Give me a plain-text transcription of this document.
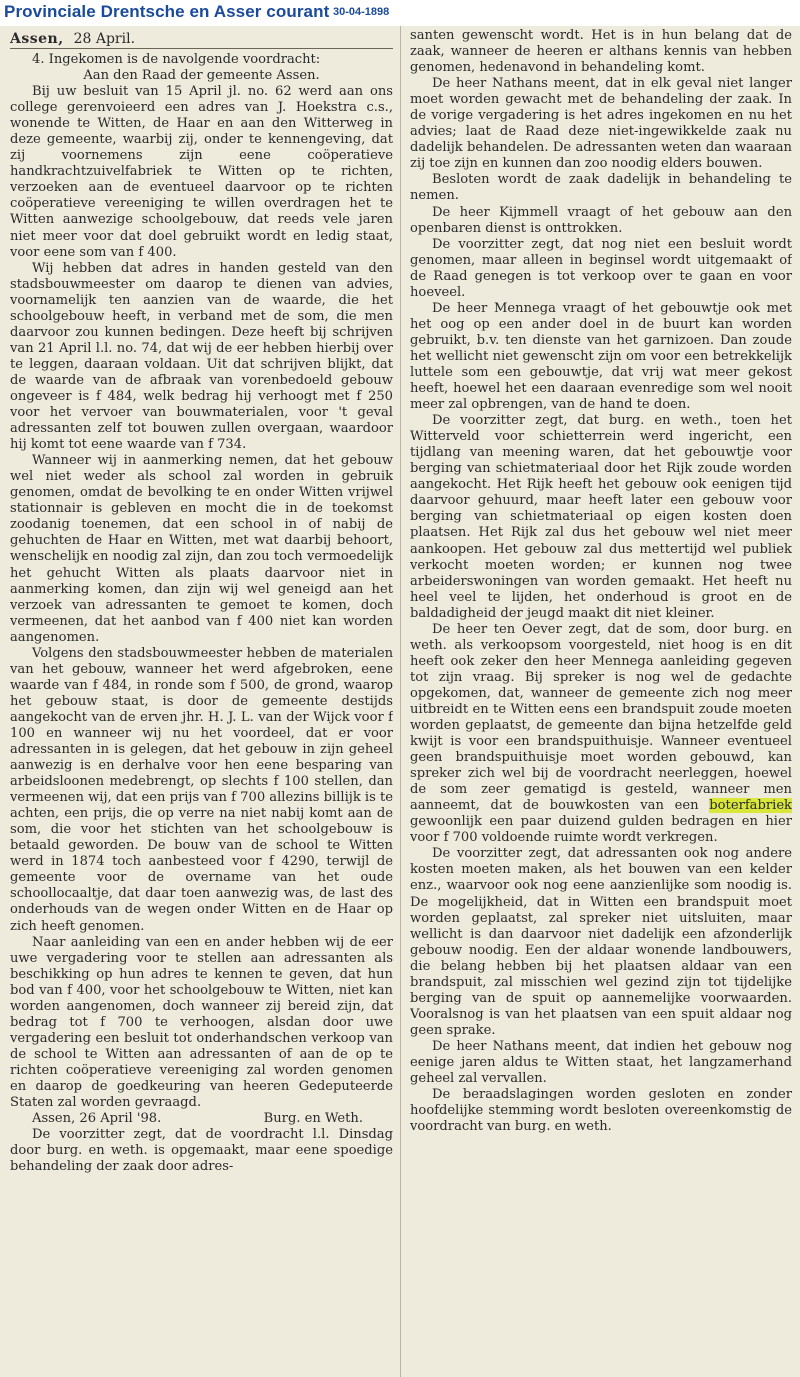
Provinciale Drentsche en Asser courant 30-04-1898
Assen, 28 April.

4. Ingekomen is de navolgende voordracht:

Aan den Raad der gemeente Assen.

Bij uw besluit van 15 April jl. no. 62 werd aan ons college gerenvoieerd een adres van J. Hoekstra c.s., wonende te Witten, de Haar en aan den Witterweg in deze gemeente, waarbij zij, onder te kennengeving, dat zij voornemens zijn eene coöperatieve handkrachtzuivelfabriek te Witten op te richten, verzoeken aan de eventueel daarvoor op te richten coöperatieve vereeniging te willen overdragen het te Witten aanwezige schoolgebouw, dat reeds vele jaren niet meer voor dat doel gebruikt wordt en ledig staat, voor eene som van f 400.

Wij hebben dat adres in handen gesteld van den stadsbouwmeester om daarop te dienen van advies, voornamelijk ten aanzien van de waarde, die het schoolgebouw heeft, in verband met de som, die men daarvoor zou kunnen bedingen. Deze heeft bij schrijven van 21 April l.l. no. 74, dat wij de eer hebben hierbij over te leggen, daaraan voldaan. Uit dat schrijven blijkt, dat de waarde van de afbraak van vorenbedoeld gebouw ongeveer is f 484, welk bedrag hij verhoogt met f 250 voor het vervoer van bouwmaterialen, voor 't geval adressanten zelf tot bouwen zullen overgaan, waardoor hij komt tot eene waarde van f 734.

Wanneer wij in aanmerking nemen, dat het gebouw wel niet weder als school zal worden in gebruik genomen, omdat de bevolking te en onder Witten vrijwel stationnair is gebleven en mocht die in de toekomst zoodanig toenemen, dat een school in of nabij de gehuchten de Haar en Witten, met wat daarbij behoort, wenschelijk en noodig zal zijn, dan zou toch vermoedelijk het gehucht Witten als plaats daarvoor niet in aanmerking komen, dan zijn wij wel geneigd aan het verzoek van adressanten te gemoet te komen, doch vermeenen, dat het aanbod van f 400 niet kan worden aangenomen.

Volgens den stadsbouwmeester hebben de materialen van het gebouw, wanneer het werd afgebroken, eene waarde van f 484, in ronde som f 500, de grond, waarop het gebouw staat, is door de gemeente destijds aangekocht van de erven jhr. H. J. L. van der Wijck voor f 100 en wanneer wij nu het voordeel, dat er voor adressanten in is gelegen, dat het gebouw in zijn geheel aanwezig is en derhalve voor hen eene besparing van arbeidsloonen medebrengt, op slechts f 100 stellen, dan vermeenen wij, dat een prijs van f 700 allezins billijk is te achten, een prijs, die op verre na niet nabij komt aan de som, die voor het stichten van het schoolgebouw is betaald geworden. De bouw van de school te Witten werd in 1874 toch aanbesteed voor f 4290, terwijl de gemeente voor de overname van het oude schoollocaaltje, dat daar toen aanwezig was, de last des onderhouds van de wegen onder Witten en de Haar op zich heeft genomen.

Naar aanleiding van een en ander hebben wij de eer uwe vergadering voor te stellen aan adressanten als beschikking op hun adres te kennen te geven, dat hun bod van f 400, voor het schoolgebouw te Witten, niet kan worden aangenomen, doch wanneer zij bereid zijn, dat bedrag tot f 700 te verhoogen, alsdan door uwe vergadering een besluit tot onderhandschen verkoop van de school te Witten aan adressanten of aan de op te richten coöperatieve vereeniging zal worden genomen en daarop de goedkeuring van heeren Gedeputeerde Staten zal worden gevraagd.

Assen, 26 April '98.	Burg. en Weth.

De voorzitter zegt, dat de voordracht l.l. Dinsdag door burg. en weth. is opgemaakt, maar eene spoedige behandeling der zaak door adres-

santen gewenscht wordt. Het is in hun belang dat de zaak, wanneer de heeren er althans kennis van hebben genomen, hedenavond in behandeling komt.

De heer Nathans meent, dat in elk geval niet langer moet worden gewacht met de behandeling der zaak. In de vorige vergadering is het adres ingekomen en nu het advies; laat de Raad deze niet-ingewikkelde zaak nu dadelijk behandelen. De adressanten weten dan waaraan zij toe zijn en kunnen dan zoo noodig elders bouwen.

Besloten wordt de zaak dadelijk in behandeling te nemen.

De heer Kijmmell vraagt of het gebouw aan den openbaren dienst is onttrokken.

De voorzitter zegt, dat nog niet een besluit wordt genomen, maar alleen in beginsel wordt uitgemaakt of de Raad genegen is tot verkoop over te gaan en voor hoeveel.

De heer Mennega vraagt of het gebouwtje ook met het oog op een ander doel in de buurt kan worden gebruikt, b.v. ten dienste van het garnizoen. Dan zoude het wellicht niet gewenscht zijn om voor een betrekkelijk luttele som een gebouwtje, dat vrij wat meer gekost heeft, hoewel het een daaraan evenredige som wel nooit meer zal opbrengen, van de hand te doen.

De voorzitter zegt, dat burg. en weth., toen het Witterveld voor schietterrein werd ingericht, een tijdlang van meening waren, dat het gebouwtje voor berging van schietmateriaal door het Rijk zoude worden aangekocht. Het Rijk heeft het gebouw ook eenigen tijd daarvoor gehuurd, maar heeft later een gebouw voor berging van schietmateriaal op eigen kosten doen plaatsen. Het Rijk zal dus het gebouw wel niet meer aankoopen. Het gebouw zal dus mettertijd wel publiek verkocht moeten worden; er kunnen nog twee arbeiderswoningen van worden gemaakt. Het heeft nu heel veel te lijden, het onderhoud is groot en de baldadigheid der jeugd maakt dit niet kleiner.

De heer ten Oever zegt, dat de som, door burg. en weth. als verkoopsom voorgesteld, niet hoog is en dit heeft ook zeker den heer Mennega aanleiding gegeven tot zijn vraag. Bij spreker is nog wel de gedachte opgekomen, dat, wanneer de gemeente zich nog meer uitbreidt en te Witten eens een brandspuit zoude moeten worden geplaatst, de gemeente dan bijna hetzelfde geld kwijt is voor een brandspuithuisje. Wanneer eventueel geen brandspuithuisje moet worden gebouwd, kan spreker zich wel bij de voordracht neerleggen, hoewel de som zeer gematigd is gesteld, wanneer men aanneemt, dat de bouwkosten van een boterfabriek gewoonlijk een paar duizend gulden bedragen en hier voor f 700 voldoende ruimte wordt verkregen.

De voorzitter zegt, dat adressanten ook nog andere kosten moeten maken, als het bouwen van een kelder enz., waarvoor ook nog eene aanzienlijke som noodig is. De mogelijkheid, dat in Witten een brandspuit moet worden geplaatst, zal spreker niet uitsluiten, maar wellicht is dan daarvoor niet dadelijk een afzonderlijk gebouw noodig. Een der aldaar wonende landbouwers, die belang hebben bij het plaatsen aldaar van een brandspuit, zal misschien wel gezind zijn tot tijdelijke berging van de spuit op aannemelijke voorwaarden. Vooralsnog is van het plaatsen van een spuit aldaar nog geen sprake.

De heer Nathans meent, dat indien het gebouw nog eenige jaren aldus te Witten staat, het langzamerhand geheel zal vervallen.

De beraadslagingen worden gesloten en zonder hoofdelijke stemming wordt besloten overeenkomstig de voordracht van burg. en weth.
